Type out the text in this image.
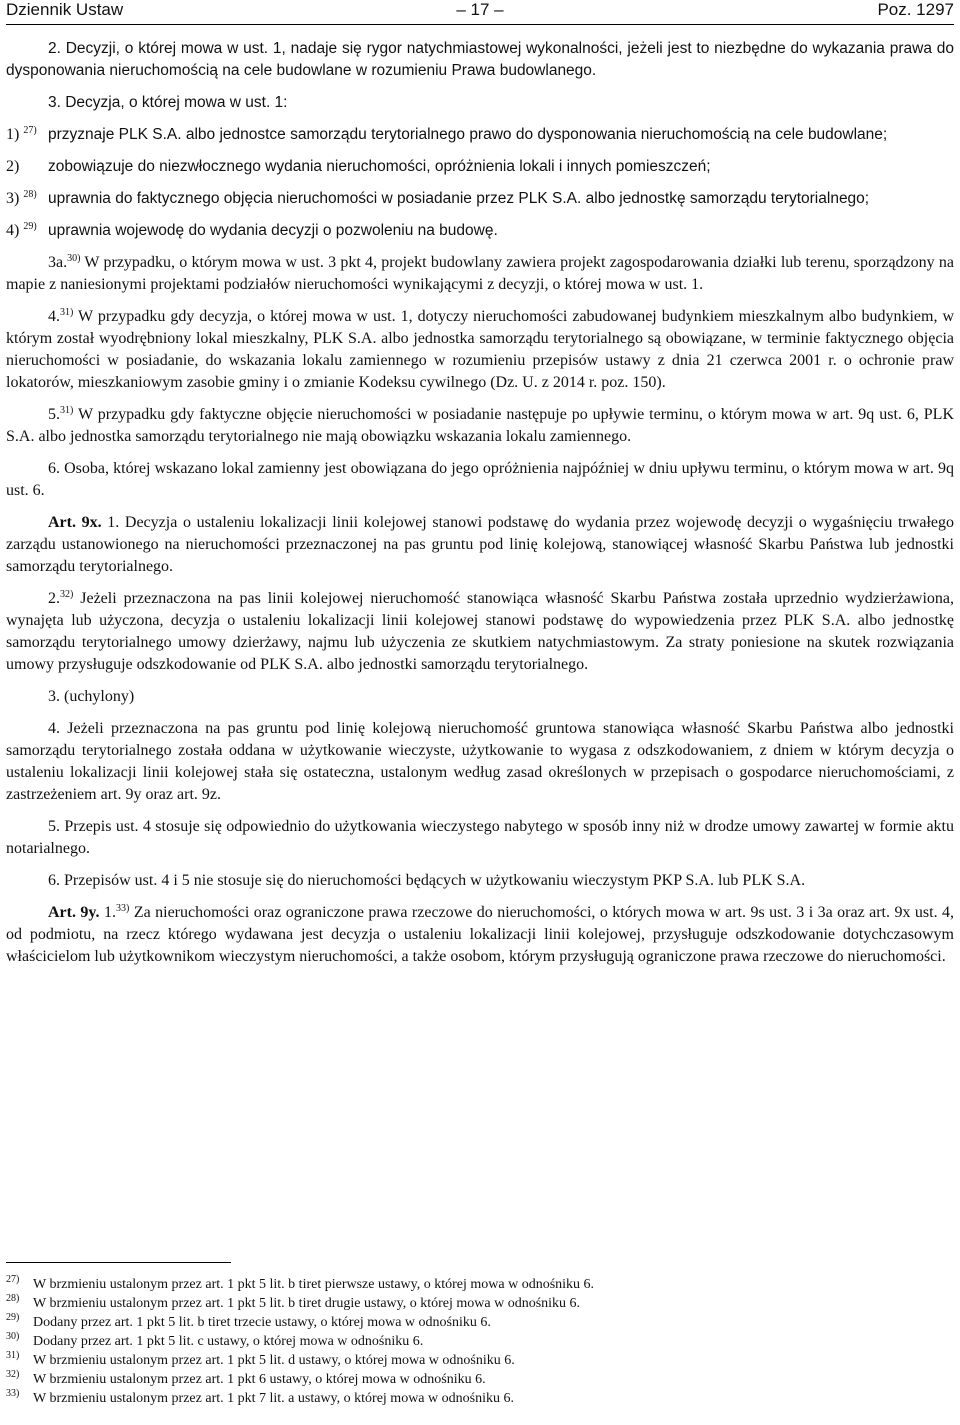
Dziennik Ustaw	– 17 –	Poz. 1297

2. Decyzji, o której mowa w ust. 1, nadaje się rygor natychmiastowej wykonalności, jeżeli jest to niezbędne do wykazania prawa do dysponowania nieruchomością na cele budowlane w rozumieniu Prawa budowlanego.

3. Decyzja, o której mowa w ust. 1:

1) $^{27)}$ przyznaje PLK S.A. albo jednostce samorządu terytorialnego prawo do dysponowania nieruchomością na cele budowlane;
2) zobowiązuje do niezwłocznego wydania nieruchomości, opróżnienia lokali i innych pomieszczeń;
3) $^{28)}$ uprawnia do faktycznego objęcia nieruchomości w posiadanie przez PLK S.A. albo jednostkę samorządu terytorialnego;
4) $^{29)}$ uprawnia wojewodę do wydania decyzji o pozwoleniu na budowę.

3a.$^{30)}$ W przypadku, o którym mowa w ust. 3 pkt 4, projekt budowlany zawiera projekt zagospodarowania działki lub terenu, sporządzony na mapie z naniesionymi projektami podziałów nieruchomości wynikającymi z decyzji, o której mowa w ust. 1.

4.$^{31)}$ W przypadku gdy decyzja, o której mowa w ust. 1, dotyczy nieruchomości zabudowanej budynkiem mieszkalnym albo budynkiem, w którym został wyodrębniony lokal mieszkalny, PLK S.A. albo jednostka samorządu terytorialnego są obowiązane, w terminie faktycznego objęcia nieruchomości w posiadanie, do wskazania lokalu zamiennego w rozumieniu przepisów ustawy z dnia 21 czerwca 2001 r. o ochronie praw lokatorów, mieszkaniowym zasobie gminy i o zmianie Kodeksu cywilnego (Dz. U. z 2014 r. poz. 150).

5.$^{31)}$ W przypadku gdy faktyczne objęcie nieruchomości w posiadanie następuje po upływie terminu, o którym mowa w art. 9q ust. 6, PLK S.A. albo jednostka samorządu terytorialnego nie mają obowiązku wskazania lokalu zamiennego.

6. Osoba, której wskazano lokal zamienny jest obowiązana do jego opróżnienia najpóźniej w dniu upływu terminu, o którym mowa w art. 9q ust. 6.

Art. 9x. 1. Decyzja o ustaleniu lokalizacji linii kolejowej stanowi podstawę do wydania przez wojewodę decyzji o wygaśnięciu trwałego zarządu ustanowionego na nieruchomości przeznaczonej na pas gruntu pod linię kolejową, stanowiącej własność Skarbu Państwa lub jednostki samorządu terytorialnego.

2.$^{32)}$ Jeżeli przeznaczona na pas linii kolejowej nieruchomość stanowiąca własność Skarbu Państwa została uprzednio wydzierżawiona, wynajęta lub użyczona, decyzja o ustaleniu lokalizacji linii kolejowej stanowi podstawę do wypowiedzenia przez PLK S.A. albo jednostkę samorządu terytorialnego umowy dzierżawy, najmu lub użyczenia ze skutkiem natychmiastowym. Za straty poniesione na skutek rozwiązania umowy przysługuje odszkodowanie od PLK S.A. albo jednostki samorządu terytorialnego.

3. (uchylony)

4. Jeżeli przeznaczona na pas gruntu pod linię kolejową nieruchomość gruntowa stanowiąca własność Skarbu Państwa albo jednostki samorządu terytorialnego została oddana w użytkowanie wieczyste, użytkowanie to wygasa z odszkodowaniem, z dniem w którym decyzja o ustaleniu lokalizacji linii kolejowej stała się ostateczna, ustalonym według zasad określonych w przepisach o gospodarce nieruchomościami, z zastrzeżeniem art. 9y oraz art. 9z.

5. Przepis ust. 4 stosuje się odpowiednio do użytkowania wieczystego nabytego w sposób inny niż w drodze umowy zawartej w formie aktu notarialnego.

6. Przepisów ust. 4 i 5 nie stosuje się do nieruchomości będących w użytkowaniu wieczystym PKP S.A. lub PLK S.A.

Art. 9y. 1.$^{33)}$ Za nieruchomości oraz ograniczone prawa rzeczowe do nieruchomości, o których mowa w art. 9s ust. 3 i 3a oraz art. 9x ust. 4, od podmiotu, na rzecz którego wydawana jest decyzja o ustaleniu lokalizacji linii kolejowej, przysługuje odszkodowanie dotychczasowym właścicielom lub użytkownikom wieczystym nieruchomości, a także osobom, którym przysługują ograniczone prawa rzeczowe do nieruchomości.

27) W brzmieniu ustalonym przez art. 1 pkt 5 lit. b tiret pierwsze ustawy, o której mowa w odnośniku 6.
28) W brzmieniu ustalonym przez art. 1 pkt 5 lit. b tiret drugie ustawy, o której mowa w odnośniku 6.
29) Dodany przez art. 1 pkt 5 lit. b tiret trzecie ustawy, o której mowa w odnośniku 6.
30) Dodany przez art. 1 pkt 5 lit. c ustawy, o której mowa w odnośniku 6.
31) W brzmieniu ustalonym przez art. 1 pkt 5 lit. d ustawy, o której mowa w odnośniku 6.
32) W brzmieniu ustalonym przez art. 1 pkt 6 ustawy, o której mowa w odnośniku 6.
33) W brzmieniu ustalonym przez art. 1 pkt 7 lit. a ustawy, o której mowa w odnośniku 6.
